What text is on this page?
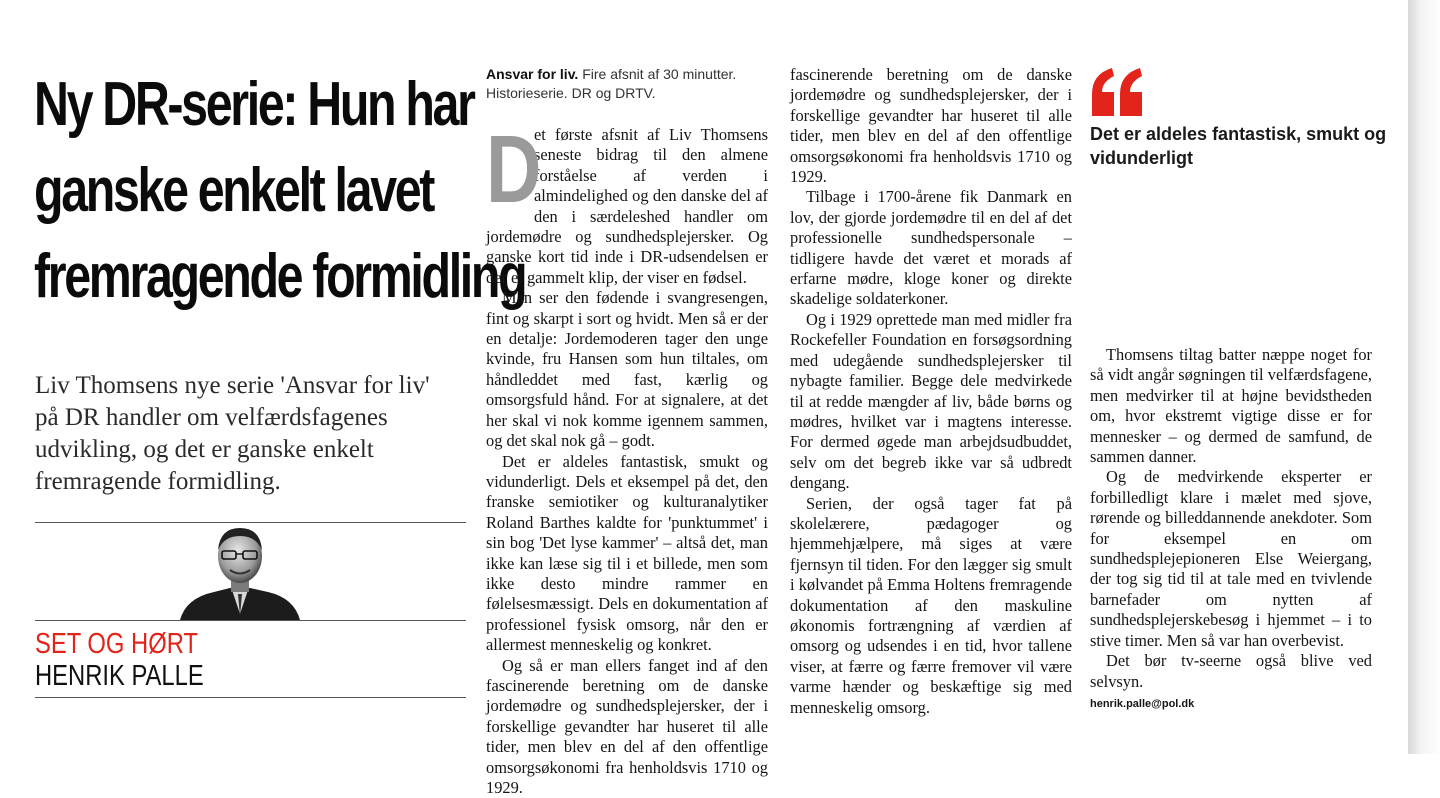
Ny DR-serie: Hun har
ganske enkelt lavet
fremragende formidling
Liv Thomsens nye serie 'Ansvar for liv' på DR handler om velfærdsfagenes udvikling, og det er ganske enkelt fremragende formidling.
SET OG HØRT
HENRIK PALLE
Ansvar for liv. Fire afsnit af 30 minutter. Historieserie. DR og DRTV.
D

et første afsnit af Liv Thomsens seneste bidrag til den almene forståelse af verden i almindelighed og den danske del af den i særdeleshed handler om jordemødre og sundhedsplejersker. Og ganske kort tid inde i DR-udsendelsen er der et gammelt klip, der viser en fødsel.

Man ser den fødende i svangresengen, fint og skarpt i sort og hvidt. Men så er der en detalje: Jordemoderen tager den unge kvinde, fru Hansen som hun tiltales, om håndleddet med fast, kærlig og omsorgsfuld hånd. For at signalere, at det her skal vi nok komme igennem sammen, og det skal nok gå – godt.

Det er aldeles fantastisk, smukt og vidunderligt. Dels et eksempel på det, den franske semiotiker og kulturanalytiker Roland Barthes kaldte for 'punktummet' i sin bog 'Det lyse kammer' – altså det, man ikke kan læse sig til i et billede, men som ikke desto mindre rammer en følelsesmæssigt. Dels en dokumentation af professionel fysisk omsorg, når den er allermest menneskelig og konkret.

Og så er man ellers fanget ind af den fascinerende beretning om de danske jordemødre og sundhedsplejersker, der i forskellige gevandter har huseret til alle tider, men blev en del af den offentlige omsorgsøkonomi fra henholdsvis 1710 og 1929.

fascinerende beretning om de danske jordemødre og sundhedsplejersker, der i forskellige gevandter har huseret til alle tider, men blev en del af den offentlige omsorgsøkonomi fra henholdsvis 1710 og 1929.

Tilbage i 1700-årene fik Danmark en lov, der gjorde jordemødre til en del af det professionelle sundhedspersonale – tidligere havde det været et morads af erfarne mødre, kloge koner og direkte skadelige soldaterkoner.

Og i 1929 oprettede man med midler fra Rockefeller Foundation en forsøgsordning med udegående sundhedsplejersker til nybagte familier. Begge dele medvirkede til at redde mængder af liv, både børns og mødres, hvilket var i magtens interesse. For dermed øgede man arbejdsudbuddet, selv om det begreb ikke var så udbredt dengang.

Serien, der også tager fat på skolelærere, pædagoger og hjemmehjælpere, må siges at være fjernsyn til tiden. For den lægger sig smult i kølvandet på Emma Holtens fremragende dokumentation af den maskuline økonomis fortrængning af værdien af omsorg og udsendes i en tid, hvor tallene viser, at færre og færre fremover vil være varme hænder og beskæftige sig med menneskelig omsorg.

Det er aldeles fantastisk, smukt og vidunderligt

Thomsens tiltag batter næppe noget for så vidt angår søgningen til velfærdsfagene, men medvirker til at højne bevidstheden om, hvor ekstremt vigtige disse er for mennesker – og dermed de samfund, de sammen danner.

Og de medvirkende eksperter er forbilledligt klare i mælet med sjove, rørende og billeddannende anekdoter. Som for eksempel en om sundhedsplejepioneren Else Weiergang, der tog sig tid til at tale med en tvivlende barnefader om nytten af sundhedsplejerskebesøg i hjemmet – i to stive timer. Men så var han overbevist.

Det bør tv-seerne også blive ved selvsyn.

henrik.palle@pol.dk
